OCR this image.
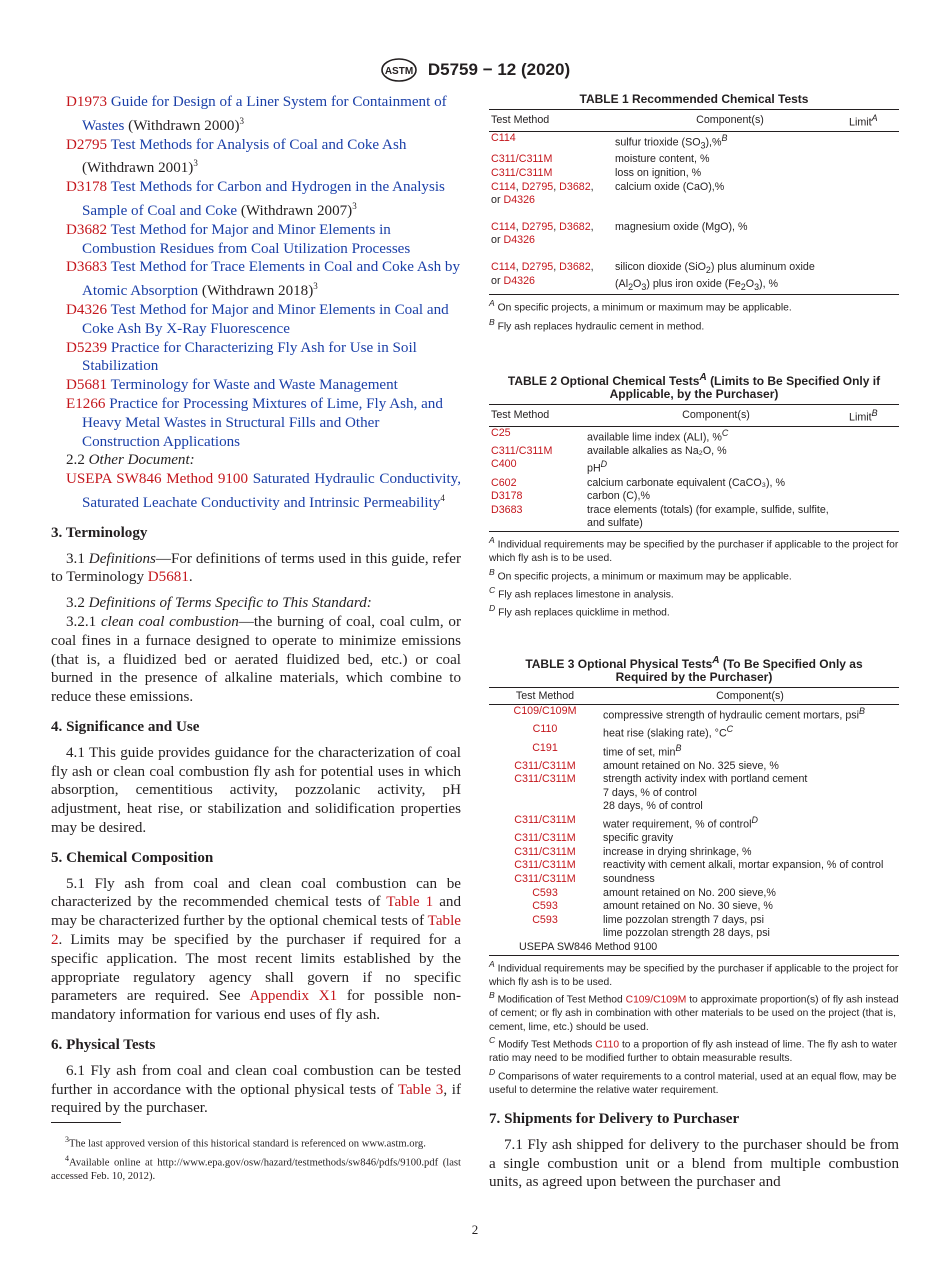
ASTM D5759 − 12 (2020)

D1973 Guide for Design of a Liner System for Containment of Wastes (Withdrawn 2000)$^3$

D2795 Test Methods for Analysis of Coal and Coke Ash (Withdrawn 2001)$^3$

D3178 Test Methods for Carbon and Hydrogen in the Analysis Sample of Coal and Coke (Withdrawn 2007)$^3$

D3682 Test Method for Major and Minor Elements in Combustion Residues from Coal Utilization Processes

D3683 Test Method for Trace Elements in Coal and Coke Ash by Atomic Absorption (Withdrawn 2018)$^3$

D4326 Test Method for Major and Minor Elements in Coal and Coke Ash By X-Ray Fluorescence

D5239 Practice for Characterizing Fly Ash for Use in Soil Stabilization

D5681 Terminology for Waste and Waste Management

E1266 Practice for Processing Mixtures of Lime, Fly Ash, and Heavy Metal Wastes in Structural Fills and Other Construction Applications

2.2 Other Document:

USEPA SW846 Method 9100 Saturated Hydraulic Conductivity, Saturated Leachate Conductivity and Intrinsic Permeability$^4$

3. Terminology

3.1 Definitions—For definitions of terms used in this guide, refer to Terminology D5681.

3.2 Definitions of Terms Specific to This Standard:

3.2.1 clean coal combustion—the burning of coal, coal culm, or coal fines in a furnace designed to operate to minimize emissions (that is, a fluidized bed or aerated fluidized bed, etc.) or coal burned in the presence of alkaline materials, which combine to reduce these emissions.

4. Significance and Use

4.1 This guide provides guidance for the characterization of coal fly ash or clean coal combustion fly ash for potential uses in which absorption, cementitious activity, pozzolanic activity, pH adjustment, heat rise, or stabilization and solidification properties may be desired.

5. Chemical Composition

5.1 Fly ash from coal and clean coal combustion can be characterized by the recommended chemical tests of Table 1 and may be characterized further by the optional chemical tests of Table 2. Limits may be specified by the purchaser if required for a specific application. The most recent limits established by the appropriate regulatory agency shall govern if no specific parameters are required. See Appendix X1 for possible non-mandatory information for various end uses of fly ash.

6. Physical Tests

6.1 Fly ash from coal and clean coal combustion can be tested further in accordance with the optional physical tests of Table 3, if required by the purchaser.

$^3$The last approved version of this historical standard is referenced on www.astm.org.
$^4$Available online at http://www.epa.gov/osw/hazard/testmethods/sw846/pdfs/9100.pdf (last accessed Feb. 10, 2012).
TABLE 1 Recommended Chemical Tests
Test Method	Component(s)	Limit$^A$
C114	sulfur trioxide $(SO_3),\%^B$	
C311/C311M	moisture content, %	
C311/C311M	loss on ignition, %	
C114, D2795, D3682,
or D4326	calcium oxide (CaO),%	

C114, D2795, D3682,
or D4326	magnesium oxide (MgO), %	

C114, D2795, D3682,
or D4326	silicon dioxide (SiO$_2$) plus aluminum oxide $(Al_2O_3)$ plus iron oxide $(Fe_2O_3)$, %	
$^A$ On specific projects, a minimum or maximum may be applicable.
$^B$ Fly ash replaces hydraulic cement in method.
TABLE 2 Optional Chemical Tests$^A$ (Limits to Be Specified Only if Applicable, by the Purchaser)
Test Method	Component(s)	Limit$^B$
C25	available lime index (ALI), %$^C$	
C311/C311M	available alkalies as Na₂O, %	
C400	$pH^D$	
C602	calcium carbonate equivalent (CaCO₃), %	
D3178	carbon (C),%	
D3683	trace elements (totals) (for example, sulfide, sulfite, and sulfate)	
$^A$ Individual requirements may be specified by the purchaser if applicable to the project for which fly ash is to be used.
$^B$ On specific projects, a minimum or maximum may be applicable.
$^C$ Fly ash replaces limestone in analysis.
$^D$ Fly ash replaces quicklime in method.
TABLE 3 Optional Physical Tests$^A$ (To Be Specified Only as Required by the Purchaser)
Test Method	Component(s)
C109/C109M	compressive strength of hydraulic cement mortars, psi$^B$
C110	heat rise (slaking rate), $^\circ C^C$
C191	time of set, $\min^B$
C311/C311M	amount retained on No. 325 sieve, %
C311/C311M	strength activity index with portland cement
	7 days, % of control
	28 days, % of control
C311/C311M	water requirement, % of control$^D$
C311/C311M	specific gravity
C311/C311M	increase in drying shrinkage, %
C311/C311M	reactivity with cement alkali, mortar expansion, % of control
C311/C311M	soundness
C593	amount retained on No. 200 sieve,%
C593	amount retained on No. 30 sieve, %
C593	lime pozzolan strength 7 days, psi
	lime pozzolan strength 28 days, psi
USEPA SW846 Method 9100	
$^A$ Individual requirements may be specified by the purchaser if applicable to the project for which fly ash is to be used.
$^B$ Modification of Test Method C109/C109M to approximate proportion(s) of fly ash instead of cement; or fly ash in combination with other materials to be used on the project (that is, cement, lime, etc.) should be used.
$^C$ Modify Test Methods C110 to a proportion of fly ash instead of lime. The fly ash to water ratio may need to be modified further to obtain measurable results.
$^D$ Comparisons of water requirements to a control material, used at an equal flow, may be useful to determine the relative water requirement.
7. Shipments for Delivery to Purchaser

7.1 Fly ash shipped for delivery to the purchaser should be from a single combustion unit or a blend from multiple combustion units, as agreed upon between the purchaser and

2
